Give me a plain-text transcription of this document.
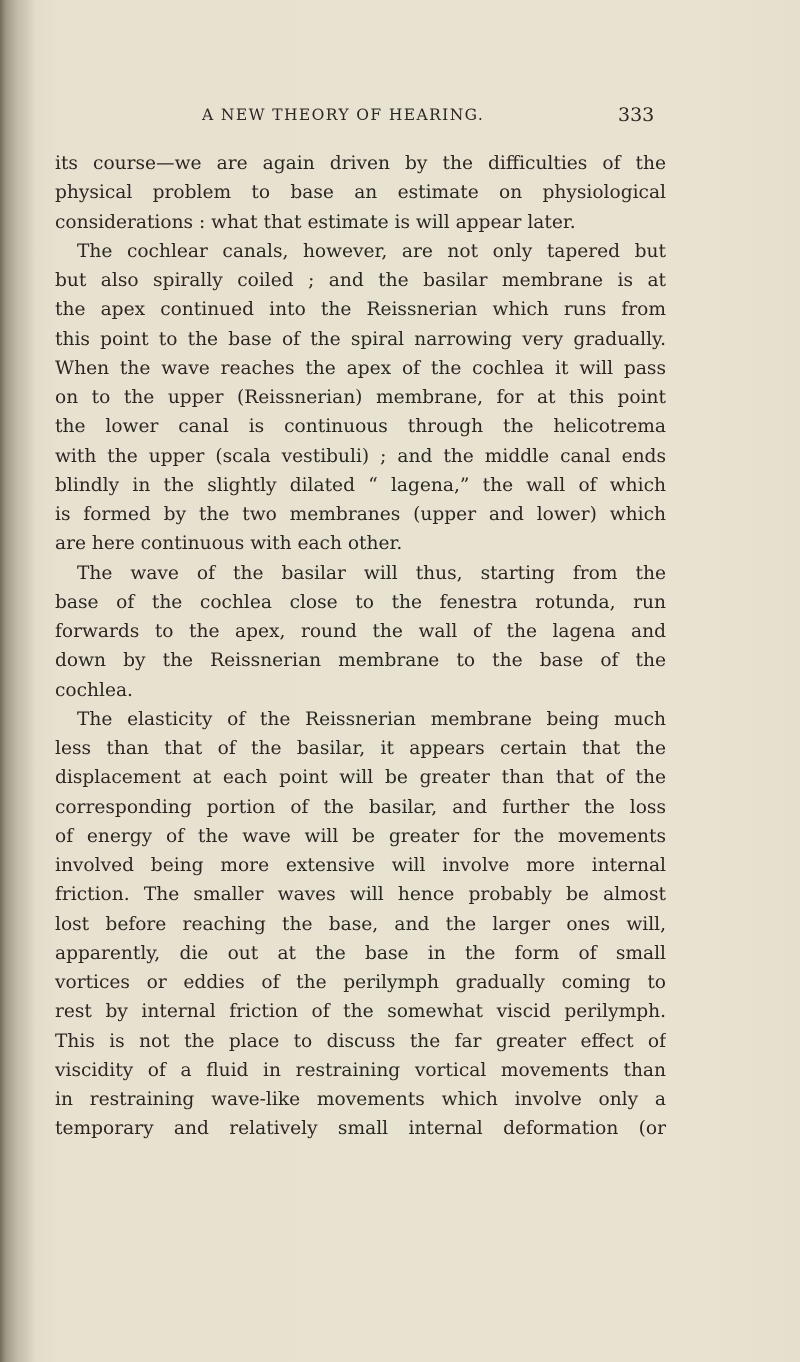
A NEW THEORY OF HEARING.	333
its course—we are again driven by the difficulties of the
physical problem to base an estimate on physiological
considerations : what that estimate is will appear later.
The cochlear canals, however, are not only tapered but
but also spirally coiled ; and the basilar membrane is at
the apex continued into the Reissnerian which runs from
this point to the base of the spiral narrowing very gradually.
When the wave reaches the apex of the cochlea it will pass
on to the upper (Reissnerian) membrane, for at this point
the lower canal is continuous through the helicotrema
with the upper (scala vestibuli) ; and the middle canal ends
blindly in the slightly dilated “ lagena,” the wall of which
is formed by the two membranes (upper and lower) which
are here continuous with each other.
The wave of the basilar will thus, starting from the
base of the cochlea close to the fenestra rotunda, run
forwards to the apex, round the wall of the lagena and
down by the Reissnerian membrane to the base of the
cochlea.
The elasticity of the Reissnerian membrane being much
less than that of the basilar, it appears certain that the
displacement at each point will be greater than that of the
corresponding portion of the basilar, and further the loss
of energy of the wave will be greater for the movements
involved being more extensive will involve more internal
friction. The smaller waves will hence probably be almost
lost before reaching the base, and the larger ones will,
apparently, die out at the base in the form of small
vortices or eddies of the perilymph gradually coming to
rest by internal friction of the somewhat viscid perilymph.
This is not the place to discuss the far greater effect of
viscidity of a fluid in restraining vortical movements than
in restraining wave-like movements which involve only a
temporary and relatively small internal deformation (or
